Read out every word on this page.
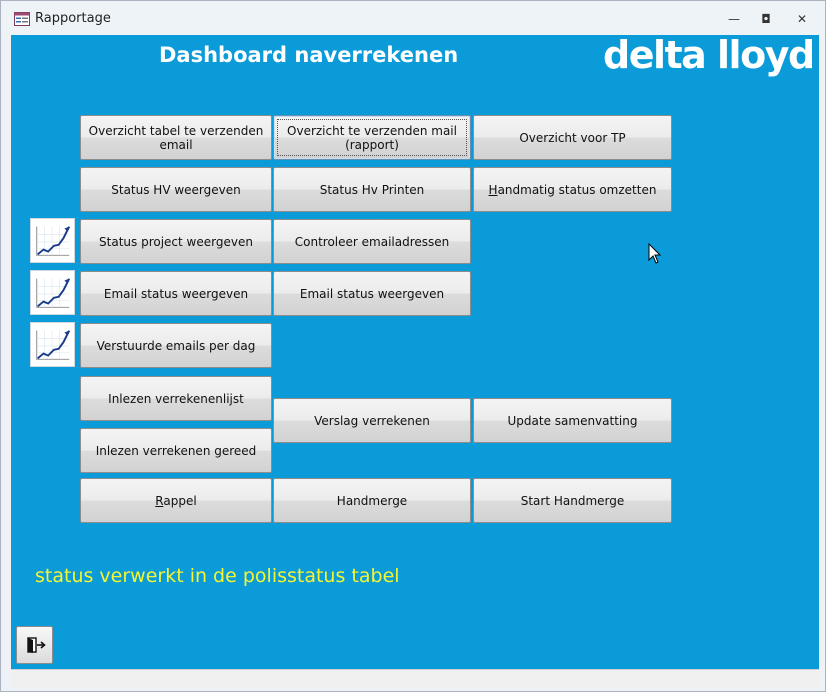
Rapportage	—	◘	✕
Dashboard naverrekenen	delta lloyd
Overzicht tabel te verzenden email
Overzicht te verzenden mail (rapport)	Overzicht voor TP
Status HV weergeven	Status Hv Printen	Handmatig status omzetten
Status project weergeven	Controleer emailadressen
Email status weergeven	Email status weergeven
Verstuurde emails per dag
Inlezen verrekenenlijst
Verslag verrekenen	Update samenvatting
Inlezen verrekenen gereed
Rappel	Handmerge	Start Handmerge
status verwerkt in de polisstatus tabel
